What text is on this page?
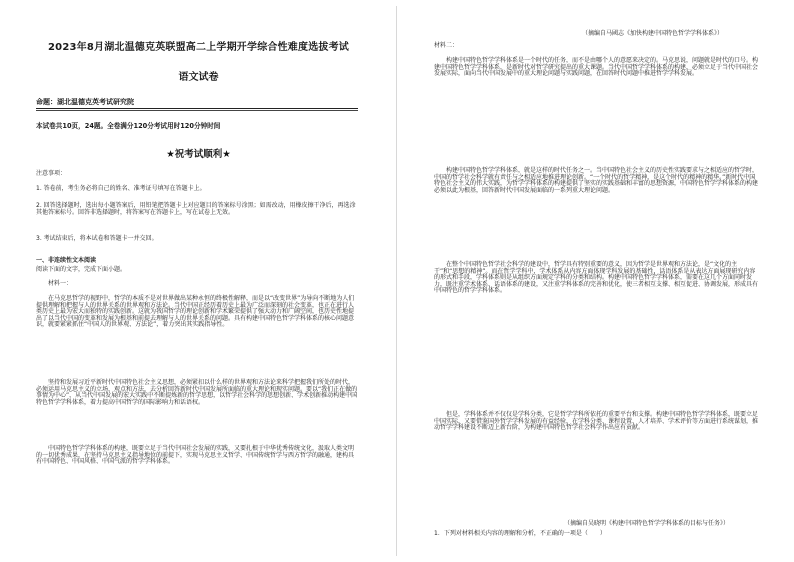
2023年8月湖北温德克英联盟高二上学期开学综合性难度选拔考试
语文试卷
命题：湖北温德克英考试研究院
本试卷共10页，24题。全卷满分120分考试用时120分钟时间
★祝考试顺利★

注意事项：

1. 答卷前，考生务必将自己的姓名、准考证号填写在答题卡上。

2. 回答选择题时，选出每小题答案后，用铅笔把答题卡上对应题目的答案标号涂黑；如需改动，用橡皮擦干净后，再选涂其他答案标号。回答非选择题时，将答案写在答题卡上，写在试卷上无效。

3. 考试结束后，将本试卷和答题卡一并交回。

一、非连续性文本阅读

阅读下面的文字，完成下面小题。

材料一：

在马克思哲学的视野中，哲学的本质不是对世界做出某种永恒的终极性解释，而是以“改变世界”为导向不断地为人们提供理解和把握与人的世界关系的世界观和方法论。当代中国正经历着历史上最为广泛而深刻的社会变革，也正在进行人类历史上最为宏大而独特的实践创新。这就为我国哲学的理论创新和学术繁荣提供了强大动力和广阔空间，也历史性地提出了以当代中国的变革和发展为根基和前提去理解与人的世界关系的问题。具有构建中国特色哲学学科体系的核心问题意识，就要紧紧抓住“中国人的世界观、方法论”，着力突出其实践指导性。

坚持和发展习近平新时代中国特色社会主义思想，必须紧扣以什么样的世界观和方法论来科学把握我们所处的时代，必须运用马克思主义的立场、观点和方法，去分析回答新时代中国发展所面临的重大理论和现实问题。要以“我们正在做的事情为中心”，从当代中国发展的宏大实践中不断提炼新的哲学思想，以哲学社会科学的思想创新、学术创新推动构建中国特色哲学学科体系，着力提高中国哲学的国际影响力和话语权。

中国特色哲学学科体系的构建，既要立足于当代中国社会发展的实践，又要扎根于中华优秀传统文化，汲取人类文明的一切优秀成果，在坚持马克思主义指导地位的前提下，实现马克思主义哲学、中国传统哲学与西方哲学的融通，建构具有中国特色、中国风格、中国气派的哲学学科体系。

（摘编自马國志《加快构建中国特色哲学学科体系》）

材料二：

构建中国特色哲学学科体系是一个时代的任务，而不是由哪个人的意愿来决定的。马克思说，问题就是时代的口号。构建中国特色哲学学科体系，是新时代对哲学研究提出的重大课题。当代中国哲学学科体系的构建，必须立足于当代中国社会发展实际，面向当代中国发展中的重大理论问题与实践问题，在回答时代问题中推进哲学学科发展。

构建中国特色哲学学科体系，就是这样的时代任务之一。当中国特色社会主义的历史性实践要求与之相适应的哲学时，中国的哲学社会科学就有责任与之相适应地推进理论创新。“一个时代的哲学精神，是这个时代的精神的精华。”新时代中国特色社会主义的伟大实践，为哲学学科体系的构建提供了坚实的实践基础和丰富的思想资源，中国特色哲学学科体系的构建必须以此为根基，回答新时代中国发展面临的一系列重大理论问题。

在整个中国特色哲学社会科学的建设中，哲学具有特别重要的意义，因为哲学是世界观和方法论，是“文化的主干”和“思想的精神”。而在哲学学科中，学术体系从内容方面体现学科发展的基础性，话语体系是从表达方面展现研究内容的形式和手段，学科体系则是从组织方面规定学科的分类和结构。构建中国特色哲学学科体系，需要在这几个方面同时发力，既注重学术体系、话语体系的建设，又注重学科体系的完善和优化，使三者相互支撑、相互促进、协调发展，形成具有中国特色的哲学学科体系。

但是，学科体系并不仅仅是学科分类，它是哲学学科所依托的重要平台和支撑。构建中国特色哲学学科体系，既要立足中国实际，又要借鉴国外哲学学科发展的有益经验，在学科分类、课程设置、人才培养、学术评价等方面进行系统谋划，推动哲学学科建设不断迈上新台阶，为构建中国特色哲学社会科学作出应有贡献。

（摘编自吴晓明《构建中国特色哲学学科体系的目标与任务》）

1．下列对材料相关内容的理解和分析，不正确的一项是（　　）
